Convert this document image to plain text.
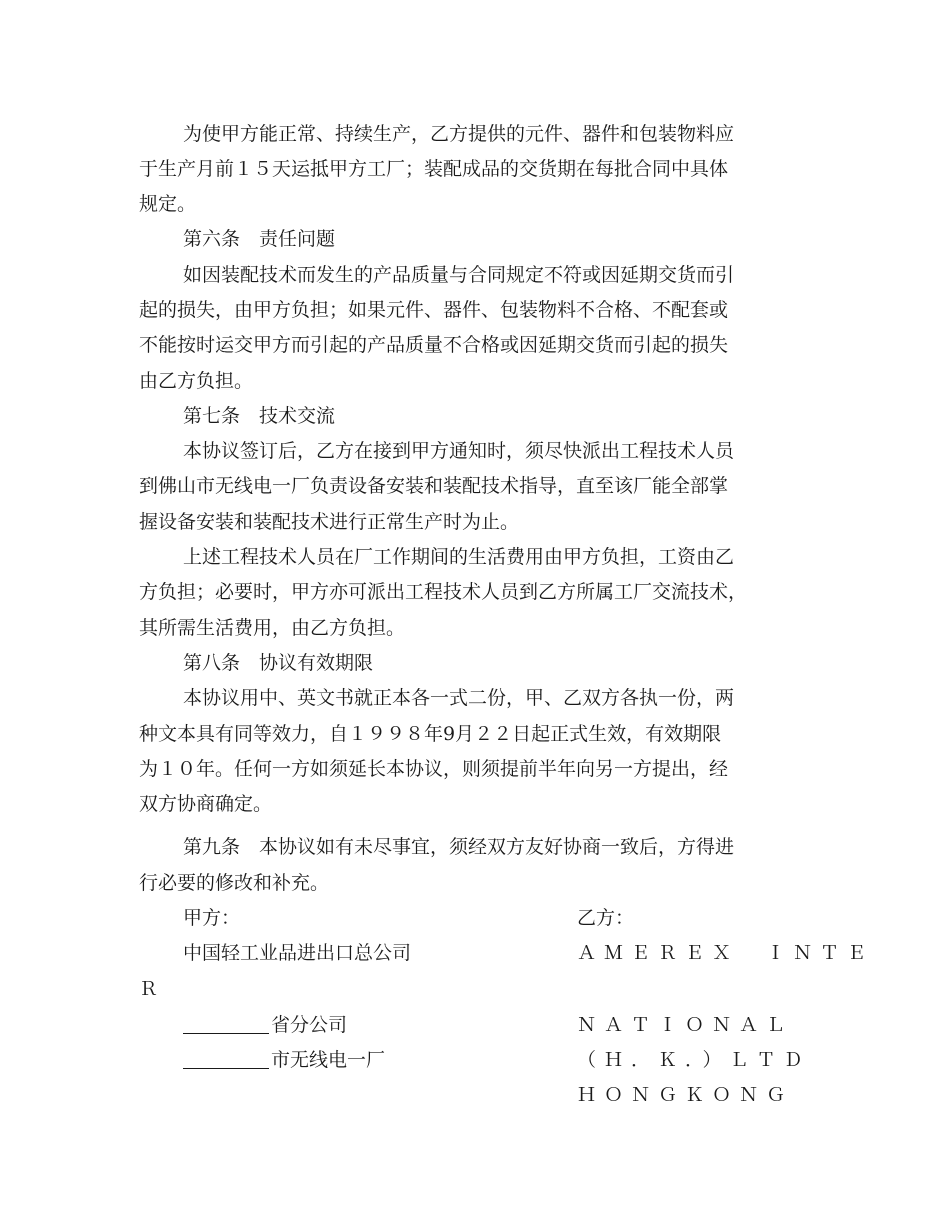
为使甲方能正常、持续生产，乙方提供的元件、器件和包装物料应
于生产月前１５天运抵甲方工厂；装配成品的交货期在每批合同中具体
规定。
第六条　责任问题
如因装配技术而发生的产品质量与合同规定不符或因延期交货而引
起的损失，由甲方负担；如果元件、器件、包装物料不合格、不配套或
不能按时运交甲方而引起的产品质量不合格或因延期交货而引起的损失
由乙方负担。
第七条　技术交流
本协议签订后，乙方在接到甲方通知时，须尽快派出工程技术人员
到佛山市无线电一厂负责设备安装和装配技术指导，直至该厂能全部掌
握设备安装和装配技术进行正常生产时为止。
上述工程技术人员在厂工作期间的生活费用由甲方负担，工资由乙
方负担；必要时，甲方亦可派出工程技术人员到乙方所属工厂交流技术，
其所需生活费用，由乙方负担。
第八条　协议有效期限
本协议用中、英文书就正本各一式二份，甲、乙双方各执一份，两
种文本具有同等效力，自１９９８年9月２２日起正式生效，有效期限
为１０年。任何一方如须延长本协议，则须提前半年向另一方提出，经
双方协商确定。
第九条　本协议如有未尽事宜，须经双方友好协商一致后，方得进
行必要的修改和补充。
甲方：	乙方：
中国轻工业品进出口总公司	ＡＭＥＲＥＸ　ＩＮＴＥ
Ｒ
省分公司	ＮＡＴＩＯＮＡＬ
市无线电一厂	（Ｈ．Ｋ．）ＬＴＤ
ＨＯＮＧＫＯＮＧ
